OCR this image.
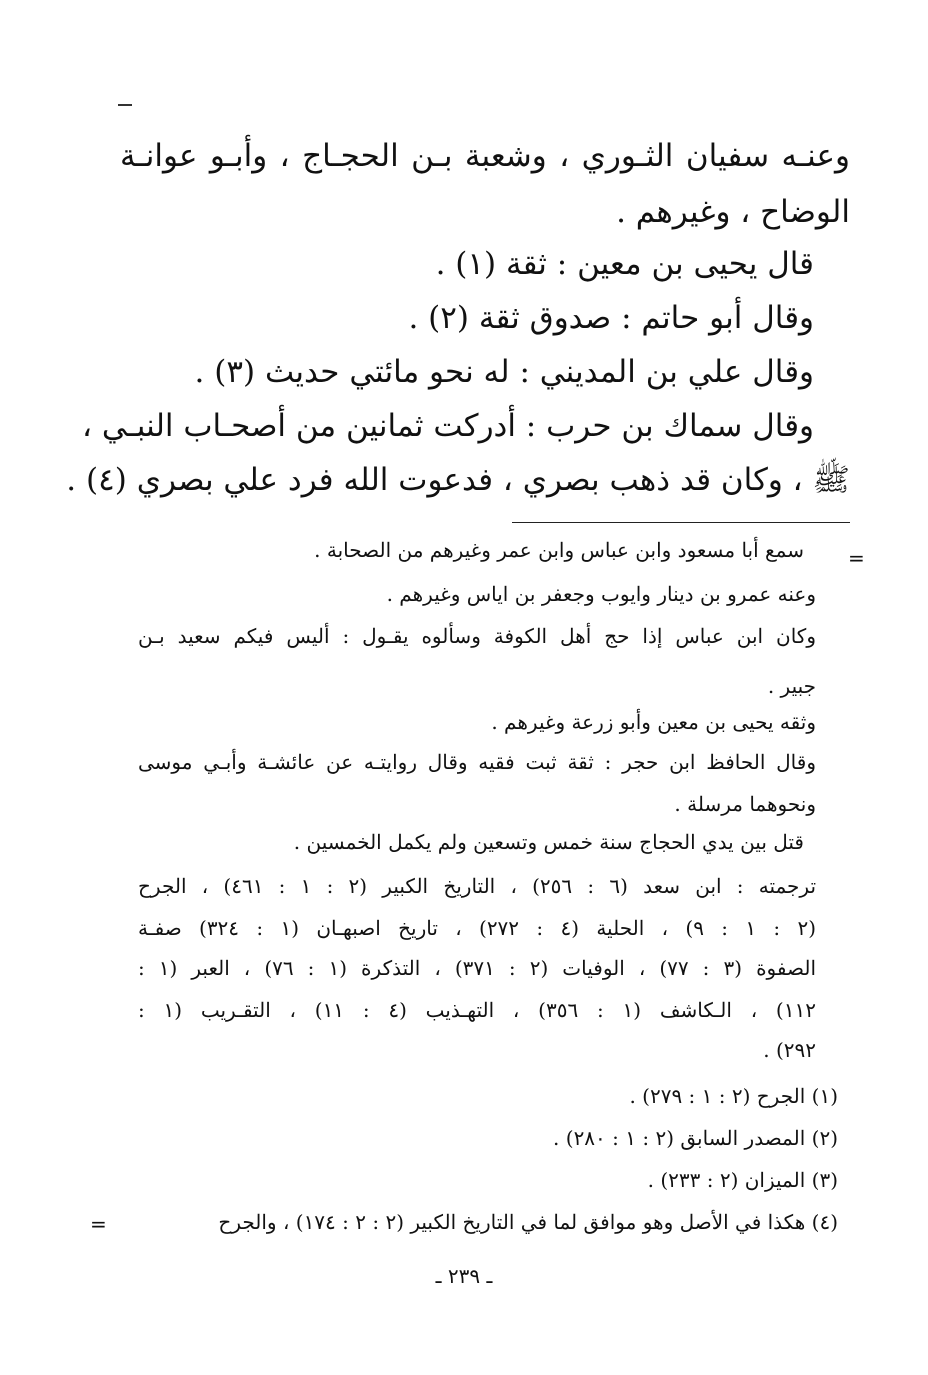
وعنـه سفيان الثـوري ، وشعبة بـن الحجـاج ، وأبـو عوانـة
الوضاح ، وغيرهم .
قال يحيى بن معين : ثقة (١) .
وقال أبو حاتم : صدوق ثقة (٢) .
وقال علي بن المديني : له نحو مائتي حديث (٣) .
وقال سماك بن حرب : أدركت ثمانين من أصحـاب النبـي ،
ﷺ ، وكان قد ذهب بصري ، فدعوت الله فرد علي بصري (٤) .
=
سمع أبا مسعود وابن عباس وابن عمر وغيرهم من الصحابة .
وعنه عمرو بن دينار وايوب وجعفر بن اياس وغيرهم .
وكان ابن عباس إذا حج أهل الكوفة وسألوه يقـول : أليس فيكم سعيد بـن
جبير .
وثقه يحيى بن معين وأبو زرعة وغيرهم .
وقال الحافظ ابن حجر : ثقة ثبت فقيه وقال روايتـه عن عائشـة وأبـي موسى
ونحوهما مرسلة .
قتل بين يدي الحجاج سنة خمس وتسعين ولم يكمل الخمسين .
ترجمته : ابن سعد (٦ : ٢٥٦) ، التاريخ الكبير (٢ : ١ : ٤٦١) ، الجرح
(٢ : ١ : ٩) ، الحلية (٤ : ٢٧٢) ، تاريخ اصبهـان (١ : ٣٢٤) صفـة
الصفوة (٣ : ٧٧) ، الوفيات (٢ : ٣٧١) ، التذكرة (١ : ٧٦) ، العبر (١ :
١١٢) ، الـكاشف (١ : ٣٥٦) ، التهـذيب (٤ : ١١) ، التقـريب (١ :
٢٩٢) .
(١) الجرح (٢ : ١ : ٢٧٩) .
(٢) المصدر السابق (٢ : ١ : ٢٨٠) .
(٣) الميزان (٢ : ٢٣٣) .
(٤) هكذا في الأصل وهو موافق لما في التاريخ الكبير (٢ : ٢ : ١٧٤) ، والجرح
=
ـ ٢٣٩ ـ
